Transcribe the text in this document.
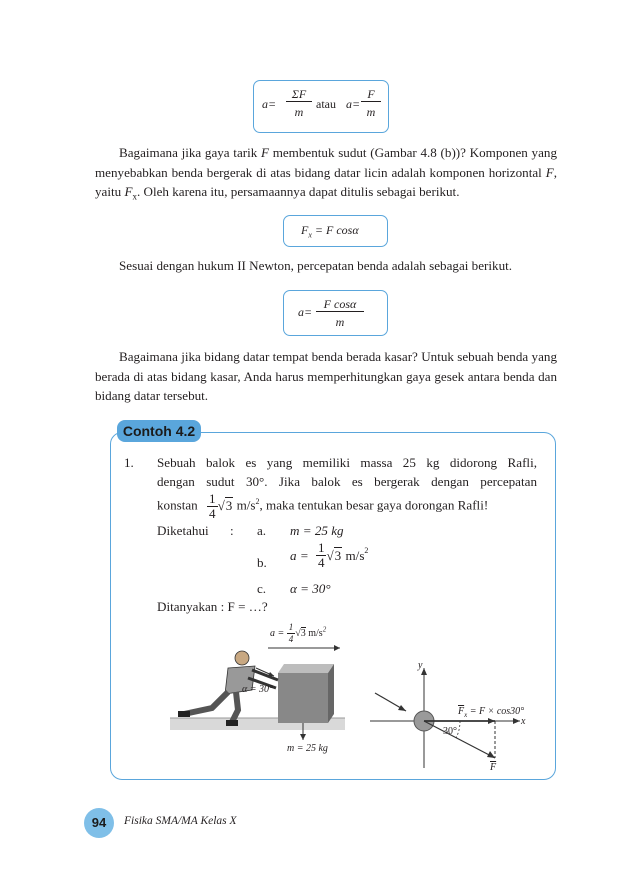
a=
ΣF
m
atau a=
F
m

Bagaimana jika gaya tarik F membentuk sudut (Gambar 4.8 (b))? Komponen yang menyebabkan benda bergerak di atas bidang datar licin adalah komponen horizontal F, yaitu $F_x$. Oleh karena itu, persamaannya dapat ditulis sebagai berikut.

$F_x = F$ cosα

Sesuai dengan hukum II Newton, percepatan benda adalah sebagai berikut.

a=
F cosα
m

Bagaimana jika bidang datar tempat benda berada kasar? Untuk sebuah benda yang berada di atas bidang kasar, Anda harus memperhitungkan gaya gesek antara benda dan bidang datar tersebut.

Contoh 4.2
1. Sebuah balok es yang memiliki massa 25 kg didorong Rafli,
dengan sudut 30°. Jika balok es bergerak dengan percepatan
konstan $\frac{1}{4} √3$ $m/s^2$, maka tentukan besar gaya dorongan Rafli!
Diketahui : a. m = 25 kg
b. $a = \frac{1}{4} √3$ $m/s^2$
c. α = 30°
Ditanyakan : F = …?
$a = \frac{1}{4} √3$ $m/s^2$
α = 30°
m = 25 kg
y
x
$\overline{F}_x = F \times \cos 30^\circ$
30°
$\overline{F}$
94	Fisika SMA/MA Kelas X
